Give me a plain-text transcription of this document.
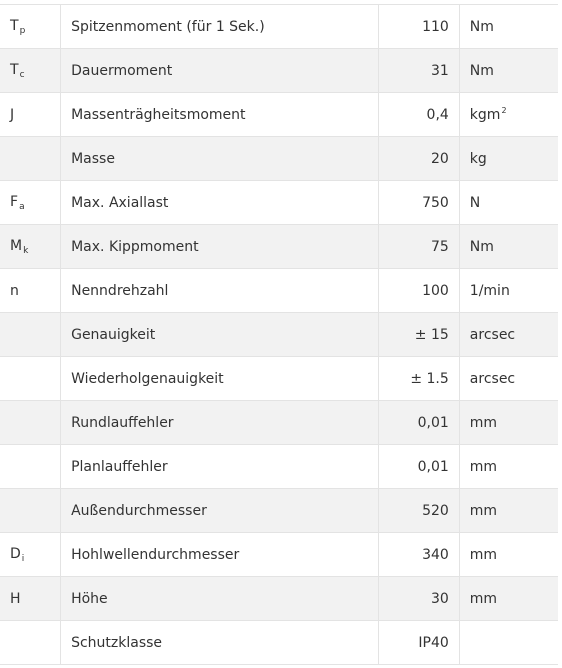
$T_p$	Spitzenmoment (für 1 Sek.)	110	Nm
$T_c$	Dauermoment	31	Nm
J	Massenträgheitsmoment	0,4	kgm$^2$
	Masse	20	kg
$F_a$	Max. Axiallast	750	N
$M_k$	Max. Kippmoment	75	Nm
n	Nenndrehzahl	100	1/min
	Genauigkeit	± 15	arcsec
	Wiederholgenauigkeit	± 1.5	arcsec
	Rundlauffehler	0,01	mm
	Planlauffehler	0,01	mm
	Außendurchmesser	520	mm
$D_i$	Hohlwellendurchmesser	340	mm
H	Höhe	30	mm
	Schutzklasse	IP40	
